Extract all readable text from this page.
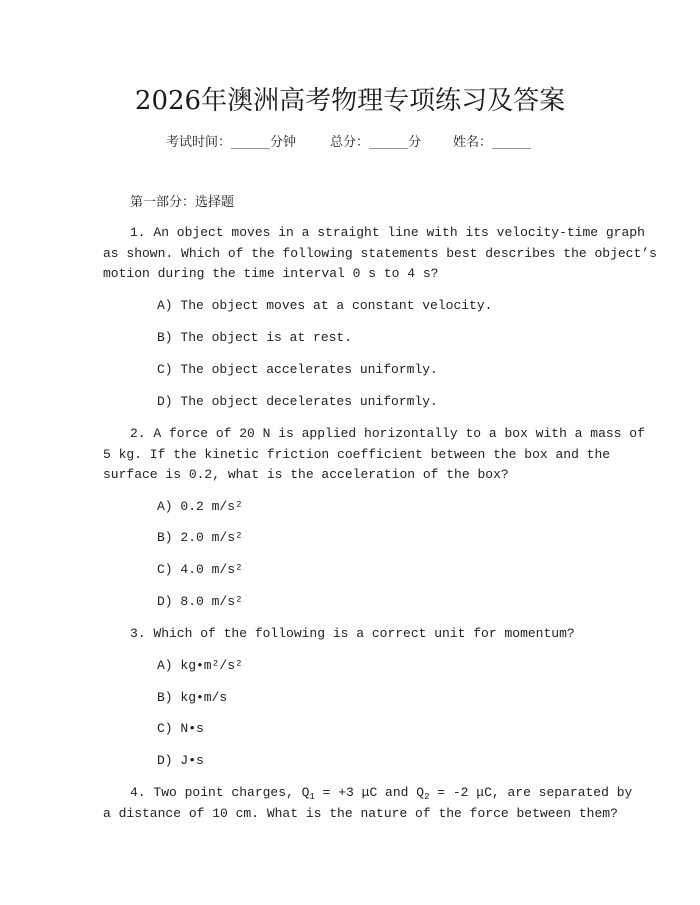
2026年澳洲高考物理专项练习及答案
考试时间：______分钟	总分：______分 姓名：______
第一部分：选择题
1. An object moves in a straight line with its velocity-time graph
as shown. Which of the following statements best describes the object’s
motion during the time interval 0 s to 4 s?
A) The object moves at a constant velocity.
B) The object is at rest.
C) The object accelerates uniformly.
D) The object decelerates uniformly.
2. A force of 20 N is applied horizontally to a box with a mass of
5 kg. If the kinetic friction coefficient between the box and the
surface is 0.2, what is the acceleration of the box?
A) 0.2 m/s²
B) 2.0 m/s²
C) 4.0 m/s²
D) 8.0 m/s²
3. Which of the following is a correct unit for momentum?
A) kg•m²/s²
B) kg•m/s
C) N•s
D) J•s
4. Two point charges, $Q_1 = +3$ μC and $Q_2 = -2$ μC, are separated by
a distance of 10 cm. What is the nature of the force between them?
